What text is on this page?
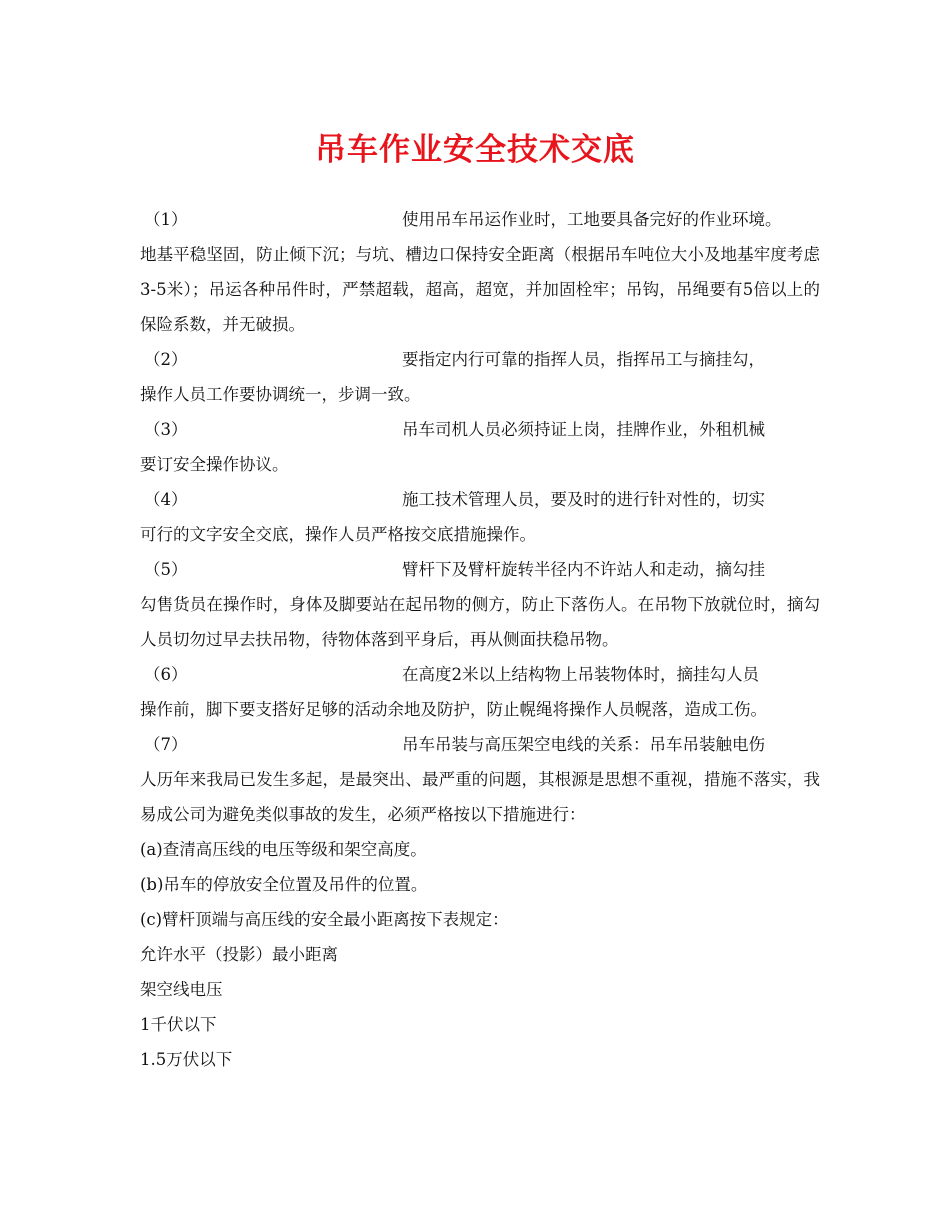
吊车作业安全技术交底
（1）	使用吊车吊运作业时，工地要具备完好的作业环境。
地基平稳坚固，防止倾下沉；与坑、槽边口保持安全距离（根据吊车吨位大小及地基牢度考虑3-5米）；吊运各种吊件时，严禁超载，超高，超宽，并加固栓牢；吊钩，吊绳要有5倍以上的保险系数，并无破损。
（2）	要指定内行可靠的指挥人员，指挥吊工与摘挂勾，
操作人员工作要协调统一，步调一致。
（3）	吊车司机人员必须持证上岗，挂牌作业，外租机械
要订安全操作协议。
（4）	施工技术管理人员，要及时的进行针对性的，切实
可行的文字安全交底，操作人员严格按交底措施操作。
（5）	臂杆下及臂杆旋转半径内不许站人和走动，摘勾挂
勾售货员在操作时，身体及脚要站在起吊物的侧方，防止下落伤人。在吊物下放就位时，摘勾人员切勿过早去扶吊物，待物体落到平身后，再从侧面扶稳吊物。
（6）	在高度2米以上结构物上吊装物体时，摘挂勾人员
操作前，脚下要支搭好足够的活动余地及防护，防止幌绳将操作人员幌落，造成工伤。
（7）	吊车吊装与高压架空电线的关系：吊车吊装触电伤
人历年来我局已发生多起，是最突出、最严重的问题，其根源是思想不重视，措施不落实，我易成公司为避免类似事故的发生，必须严格按以下措施进行：

(a)查清高压线的电压等级和架空高度。

(b)吊车的停放安全位置及吊件的位置。

(c)臂杆顶端与高压线的安全最小距离按下表规定：

允许水平（投影）最小距离

架空线电压

1千伏以下

1.5万伏以下
